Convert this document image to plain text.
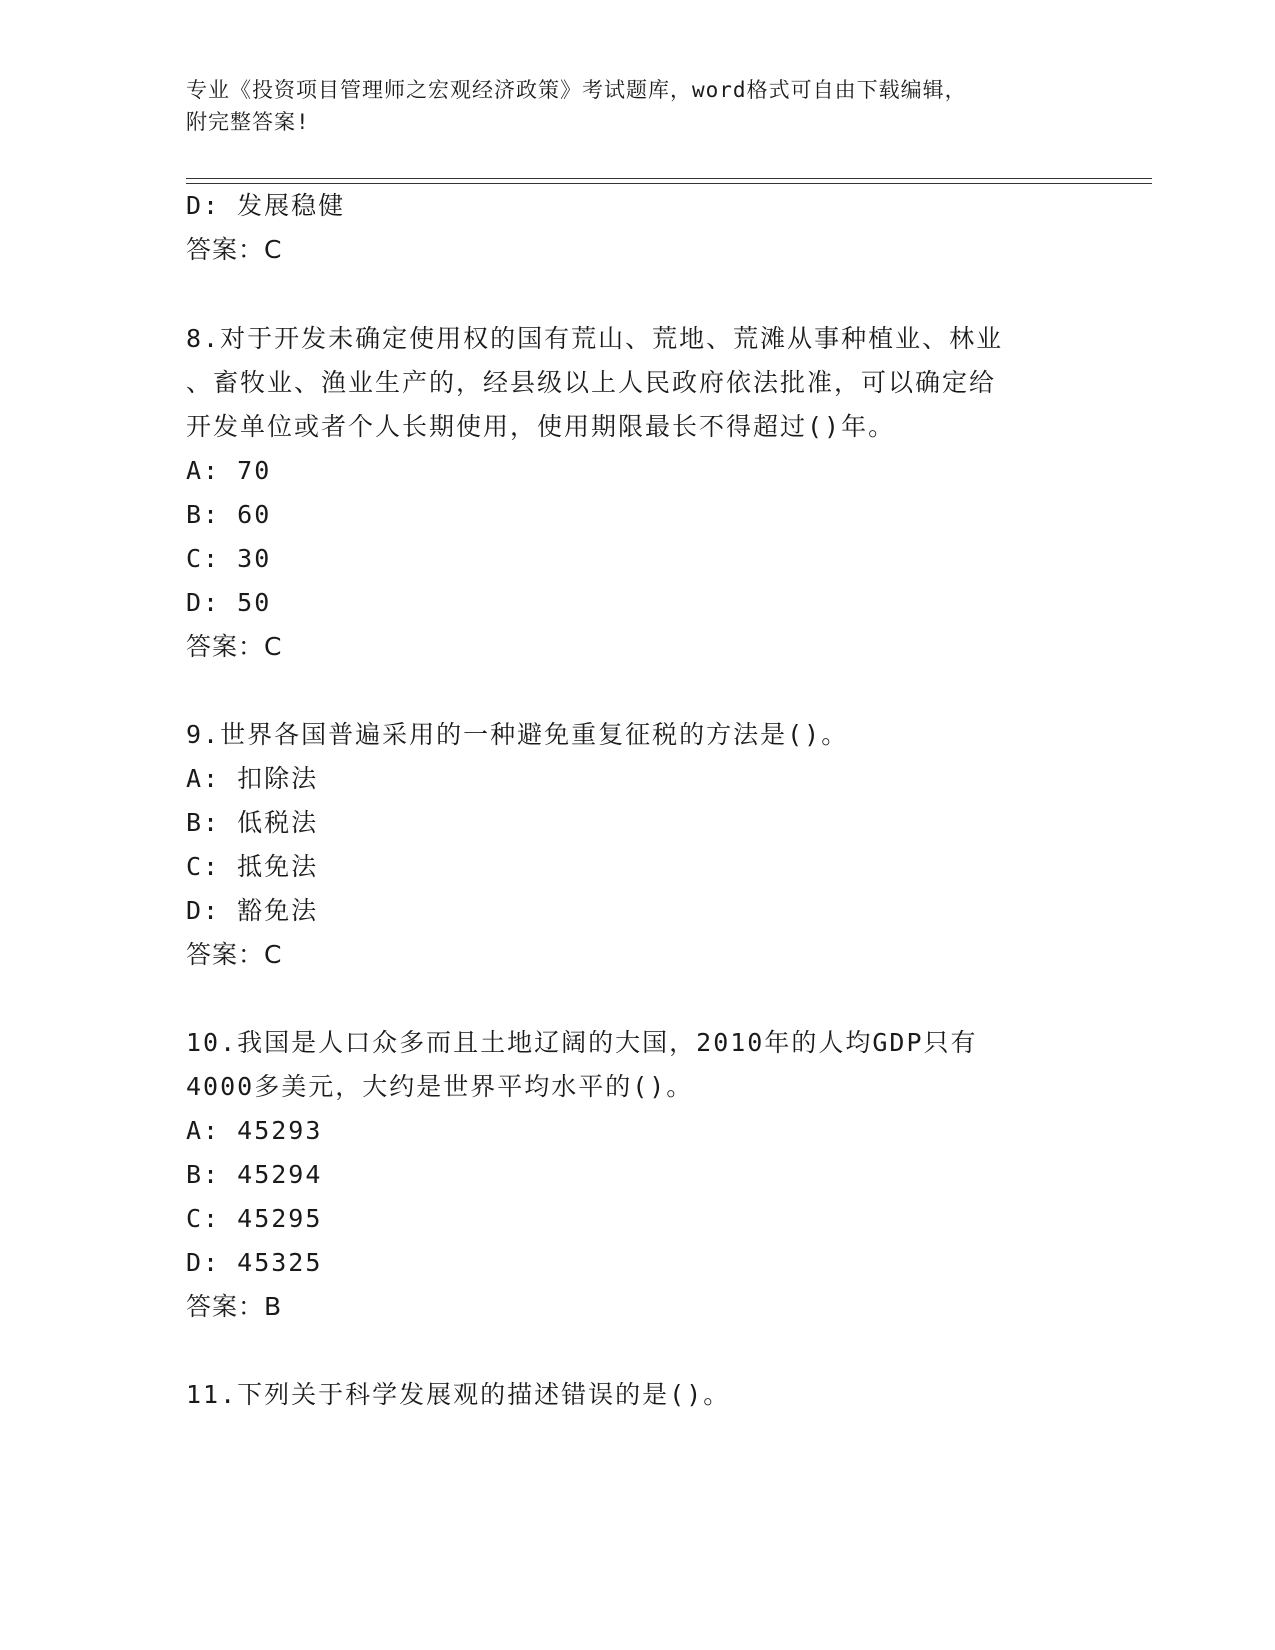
专业《投资项目管理师之宏观经济政策》考试题库，word格式可自由下载编辑，
附完整答案!
D: 发展稳健
答案：C
8.对于开发未确定使用权的国有荒山、荒地、荒滩从事种植业、林业
、畜牧业、渔业生产的，经县级以上人民政府依法批准，可以确定给
开发单位或者个人长期使用，使用期限最长不得超过()年。
A: 70
B: 60
C: 30
D: 50
答案：C
9.世界各国普遍采用的一种避免重复征税的方法是()。
A: 扣除法
B: 低税法
C: 抵免法
D: 豁免法
答案：C
10.我国是人口众多而且土地辽阔的大国，2010年的人均GDP只有
4000多美元，大约是世界平均水平的()。
A: 45293
B: 45294
C: 45295
D: 45325
答案：B
11.下列关于科学发展观的描述错误的是()。
